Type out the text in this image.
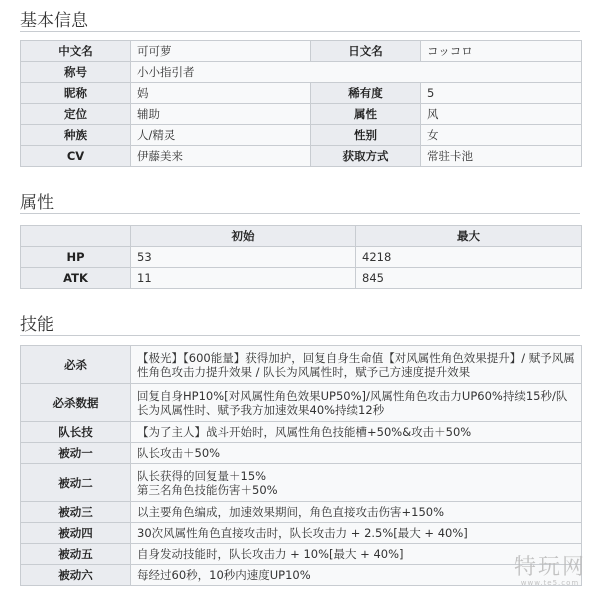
基本信息
中文名	可可萝	日文名	コッコロ
称号	小小指引者		
昵称	妈	稀有度	5
定位	辅助	属性	风
种族	人/精灵	性别	女
CV	伊藤美来	获取方式	常驻卡池
属性
	初始	最大
HP	53	4218
ATK	11	845
技能
必杀	【极光】【600能量】获得加护，回复自身生命值【对风属性角色效果提升】/ 赋予风属性角色攻击力提升效果 / 队长为风属性时，赋予己方速度提升效果
必杀数据	回复自身HP10%[对风属性角色效果UP50%]/风属性角色攻击力UP60%持续15秒/队长为风属性时、赋予我方加速效果40%持续12秒
队长技	【为了主人】战斗开始时，风属性角色技能槽+50%&攻击＋50%
被动一	队长攻击＋50%
被动二	队长获得的回复量＋15%
第三名角色技能伤害＋50%
被动三	以主要角色编成，加速效果期间，角色直接攻击伤害+150%
被动四	30次风属性角色直接攻击时，队长攻击力 + 2.5%[最大 + 40%]
被动五	自身发动技能时，队长攻击力 + 10%[最大 + 40%]
被动六	每经过60秒，10秒内速度UP10%	特玩网
www.te5.com
